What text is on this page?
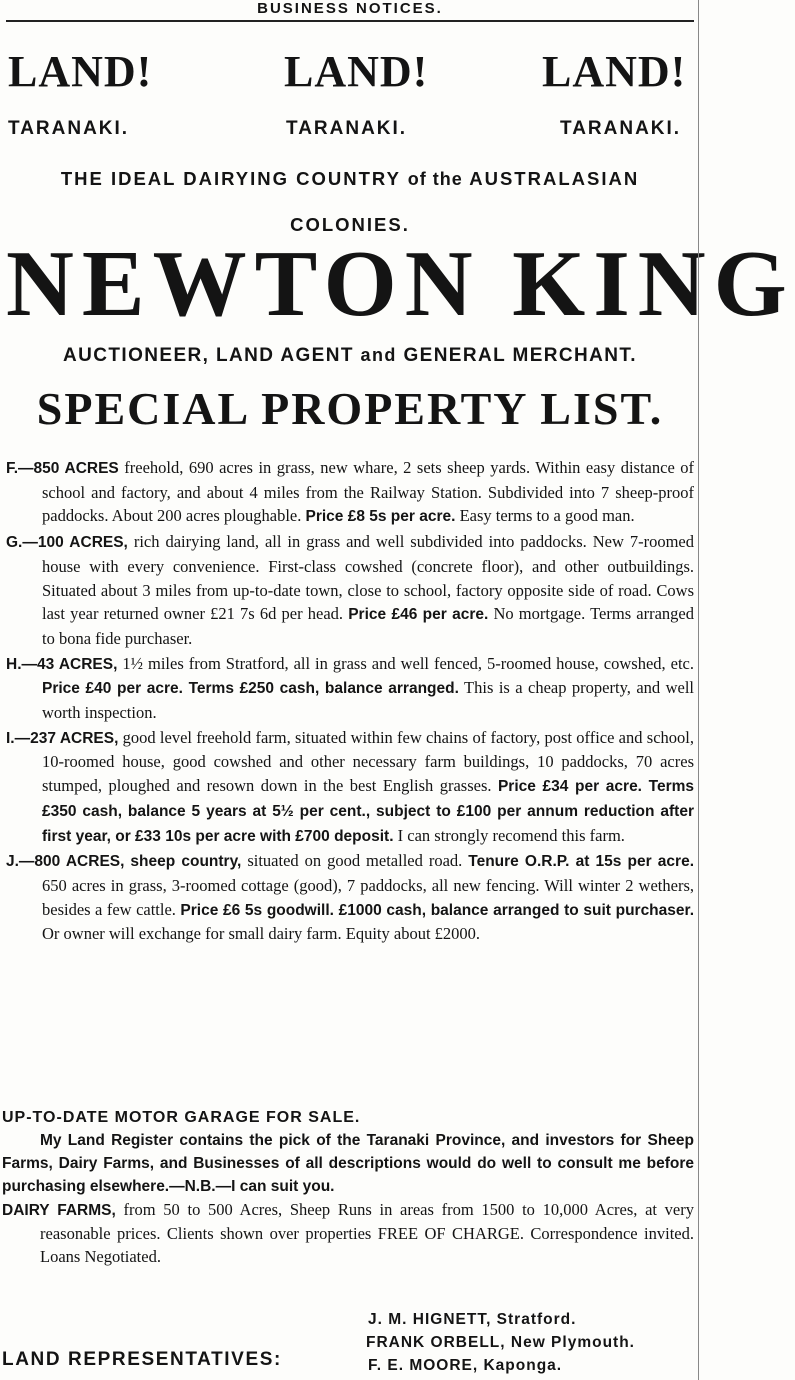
BUSINESS NOTICES.
LAND!	LAND!	LAND!
TARANAKI.	TARANAKI.	TARANAKI.
THE IDEAL DAIRYING COUNTRY of the AUSTRALASIAN
COLONIES.
NEWTON KING
AUCTIONEER, LAND AGENT and GENERAL MERCHANT.
SPECIAL PROPERTY LIST.

F.—850 ACRES freehold, 690 acres in grass, new whare, 2 sets sheep yards. Within easy distance of school and factory, and about 4 miles from the Railway Station. Subdivided into 7 sheep-proof paddocks. About 200 acres ploughable. Price £8 5s per acre. Easy terms to a good man.

G.—100 ACRES, rich dairying land, all in grass and well subdivided into paddocks. New 7-roomed house with every convenience. First-class cowshed (concrete floor), and other outbuildings. Situated about 3 miles from up-to-date town, close to school, factory opposite side of road. Cows last year returned owner £21 7s 6d per head. Price £46 per acre. No mortgage. Terms arranged to bona fide purchaser.

H.—43 ACRES, 1½ miles from Stratford, all in grass and well fenced, 5-roomed house, cowshed, etc. Price £40 per acre. Terms £250 cash, balance arranged. This is a cheap property, and well worth inspection.

I.—237 ACRES, good level freehold farm, situated within few chains of factory, post office and school, 10-roomed house, good cowshed and other necessary farm buildings, 10 paddocks, 70 acres stumped, ploughed and resown down in the best English grasses. Price £34 per acre. Terms £350 cash, balance 5 years at 5½ per cent., subject to £100 per annum reduction after first year, or £33 10s per acre with £700 deposit. I can strongly recomend this farm.

J.—800 ACRES, sheep country, situated on good metalled road. Tenure O.R.P. at 15s per acre. 650 acres in grass, 3-roomed cottage (good), 7 paddocks, all new fencing. Will winter 2 wethers, besides a few cattle. Price £6 5s goodwill. £1000 cash, balance arranged to suit purchaser. Or owner will exchange for small dairy farm. Equity about £2000.

UP-TO-DATE MOTOR GARAGE FOR SALE.

My Land Register contains the pick of the Taranaki Province, and investors for Sheep Farms, Dairy Farms, and Businesses of all descriptions would do well to consult me before purchasing elsewhere.—N.B.—I can suit you.

DAIRY FARMS, from 50 to 500 Acres, Sheep Runs in areas from 1500 to 10,000 Acres, at very reasonable prices. Clients shown over properties FREE OF CHARGE. Correspondence invited. Loans Negotiated.

LAND REPRESENTATIVES:
J. M. HIGNETT, Stratford.
FRANK ORBELL, New Plymouth.
F. E. MOORE, Kaponga.
